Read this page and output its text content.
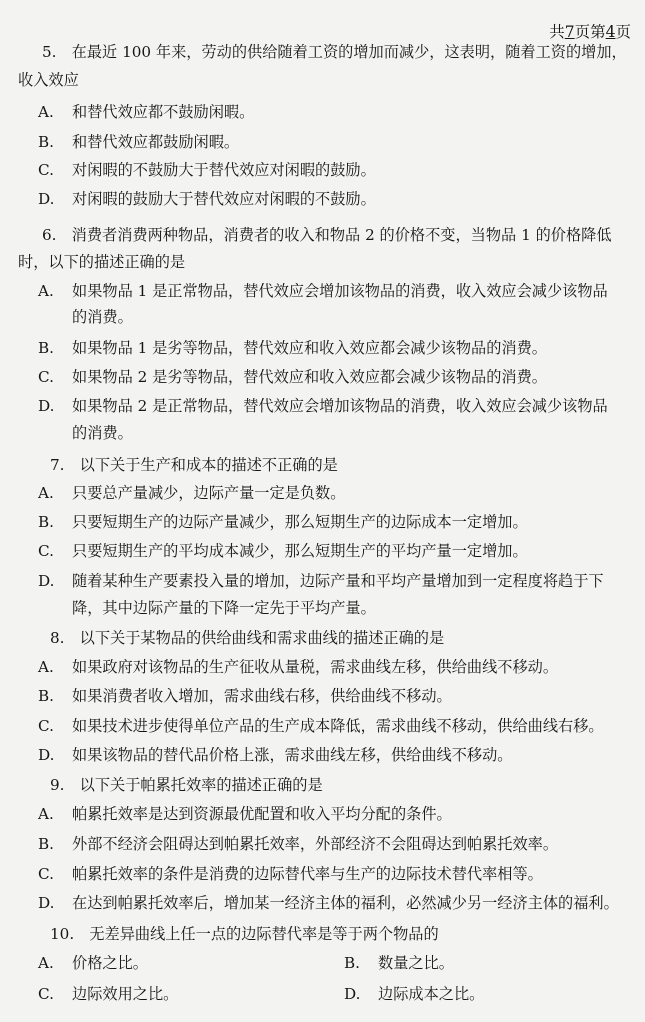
共7页第4页
5.　在最近 100 年来，劳动的供给随着工资的增加而减少，这表明，随着工资的增加，
收入效应
A. 和替代效应都不鼓励闲暇。
B. 和替代效应都鼓励闲暇。
C. 对闲暇的不鼓励大于替代效应对闲暇的鼓励。
D. 对闲暇的鼓励大于替代效应对闲暇的不鼓励。
6.　消费者消费两种物品，消费者的收入和物品 2 的价格不变，当物品 1 的价格降低
时，以下的描述正确的是
A. 如果物品 1 是正常物品，替代效应会增加该物品的消费，收入效应会减少该物品
的消费。
B. 如果物品 1 是劣等物品，替代效应和收入效应都会减少该物品的消费。
C. 如果物品 2 是劣等物品，替代效应和收入效应都会减少该物品的消费。
D. 如果物品 2 是正常物品，替代效应会增加该物品的消费，收入效应会减少该物品
的消费。
7.　以下关于生产和成本的描述不正确的是
A. 只要总产量减少，边际产量一定是负数。
B. 只要短期生产的边际产量减少，那么短期生产的边际成本一定增加。
C. 只要短期生产的平均成本减少，那么短期生产的平均产量一定增加。
D. 随着某种生产要素投入量的增加，边际产量和平均产量增加到一定程度将趋于下
降，其中边际产量的下降一定先于平均产量。
8.　以下关于某物品的供给曲线和需求曲线的描述正确的是
A. 如果政府对该物品的生产征收从量税，需求曲线左移，供给曲线不移动。
B. 如果消费者收入增加，需求曲线右移，供给曲线不移动。
C. 如果技术进步使得单位产品的生产成本降低，需求曲线不移动，供给曲线右移。
D. 如果该物品的替代品价格上涨，需求曲线左移，供给曲线不移动。
9.　以下关于帕累托效率的描述正确的是
A. 帕累托效率是达到资源最优配置和收入平均分配的条件。
B. 外部不经济会阻碍达到帕累托效率，外部经济不会阻碍达到帕累托效率。
C. 帕累托效率的条件是消费的边际替代率与生产的边际技术替代率相等。
D. 在达到帕累托效率后，增加某一经济主体的福利，必然减少另一经济主体的福利。
10.　无差异曲线上任一点的边际替代率是等于两个物品的
A. 价格之比。	B. 数量之比。
C. 边际效用之比。	D. 边际成本之比。
